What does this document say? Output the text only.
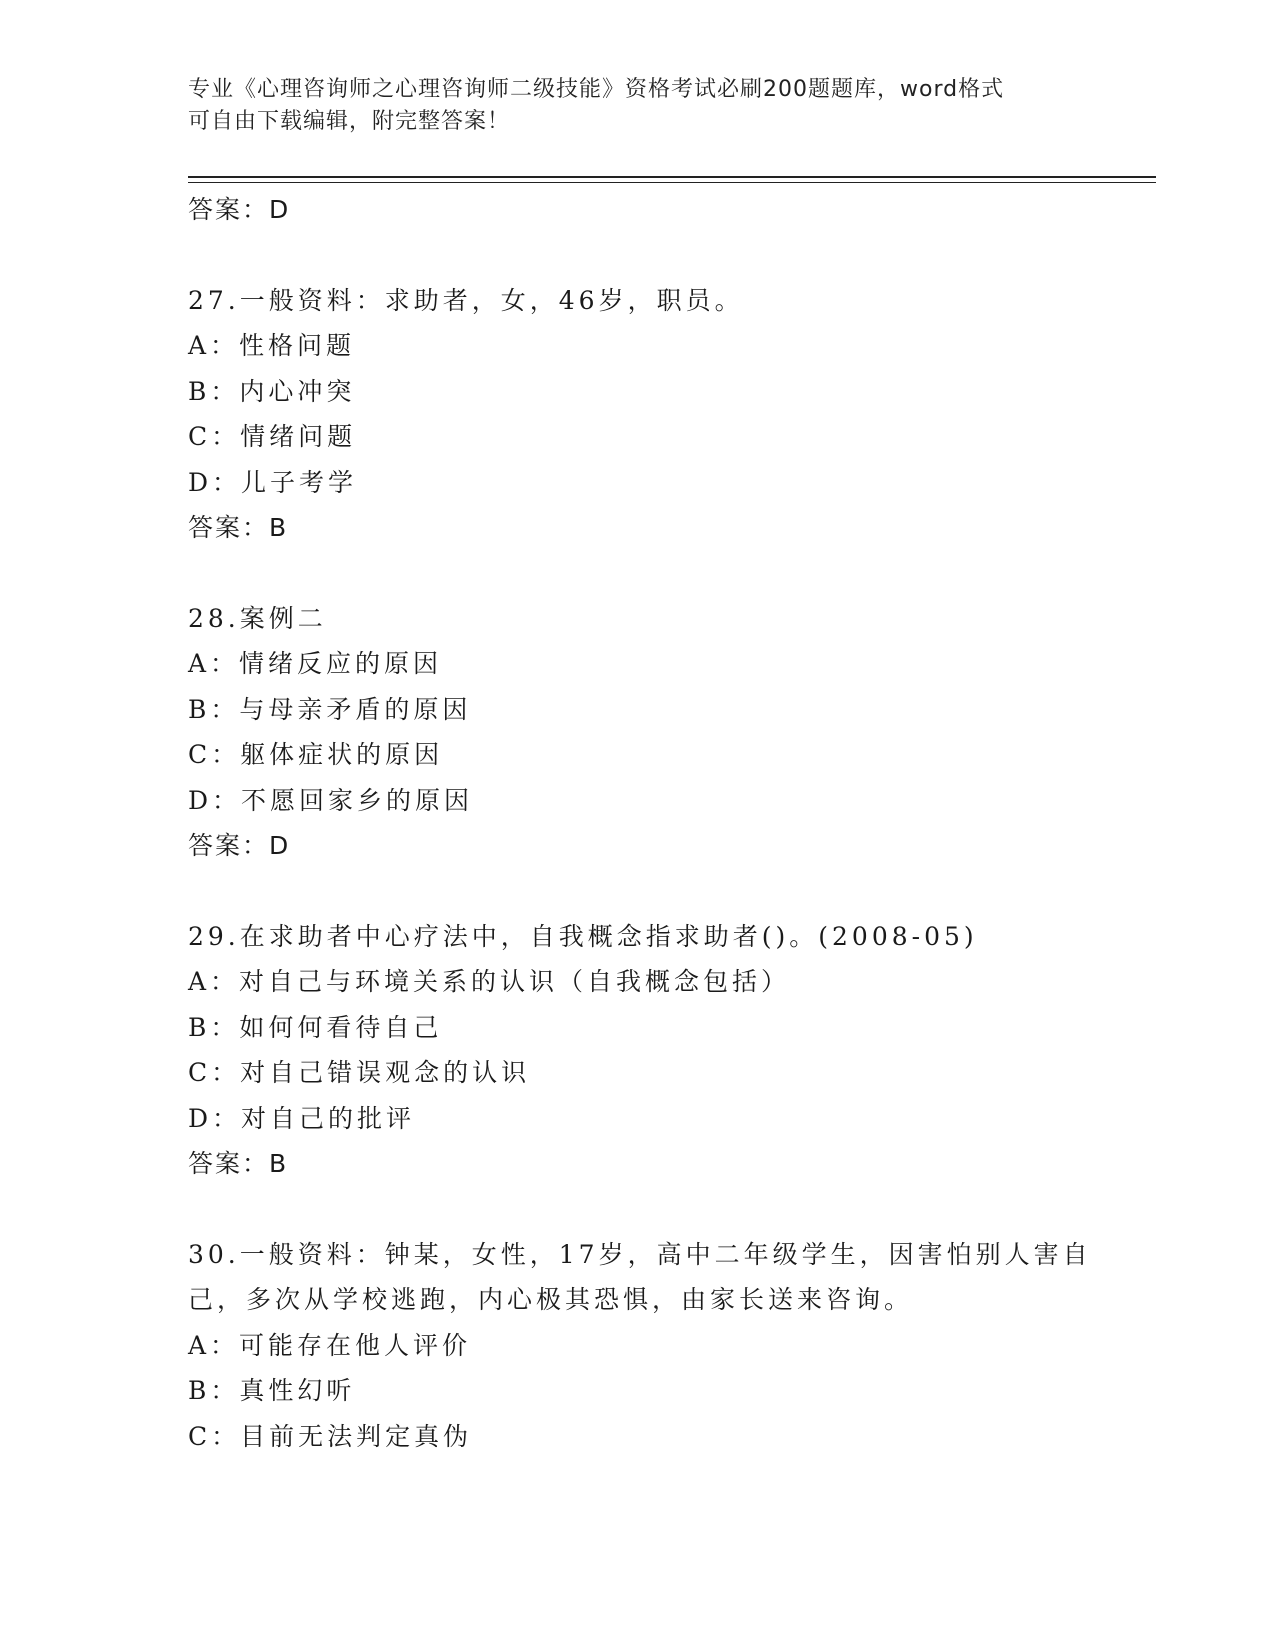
专业《心理咨询师之心理咨询师二级技能》资格考试必刷200题题库，word格式
可自由下载编辑，附完整答案！
答案：D
27.一般资料：求助者，女，46岁，职员。
A：性格问题
B：内心冲突
C：情绪问题
D：儿子考学
答案：B
28.案例二
A：情绪反应的原因
B：与母亲矛盾的原因
C：躯体症状的原因
D：不愿回家乡的原因
答案：D
29.在求助者中心疗法中，自我概念指求助者()。(2008-05)
A：对自己与环境关系的认识（自我概念包括）
B：如何何看待自己
C：对自己错误观念的认识
D：对自己的批评
答案：B
30.一般资料：钟某，女性，17岁，高中二年级学生，因害怕别人害自
己，多次从学校逃跑，内心极其恐惧，由家长送来咨询。
A：可能存在他人评价
B：真性幻听
C：目前无法判定真伪
